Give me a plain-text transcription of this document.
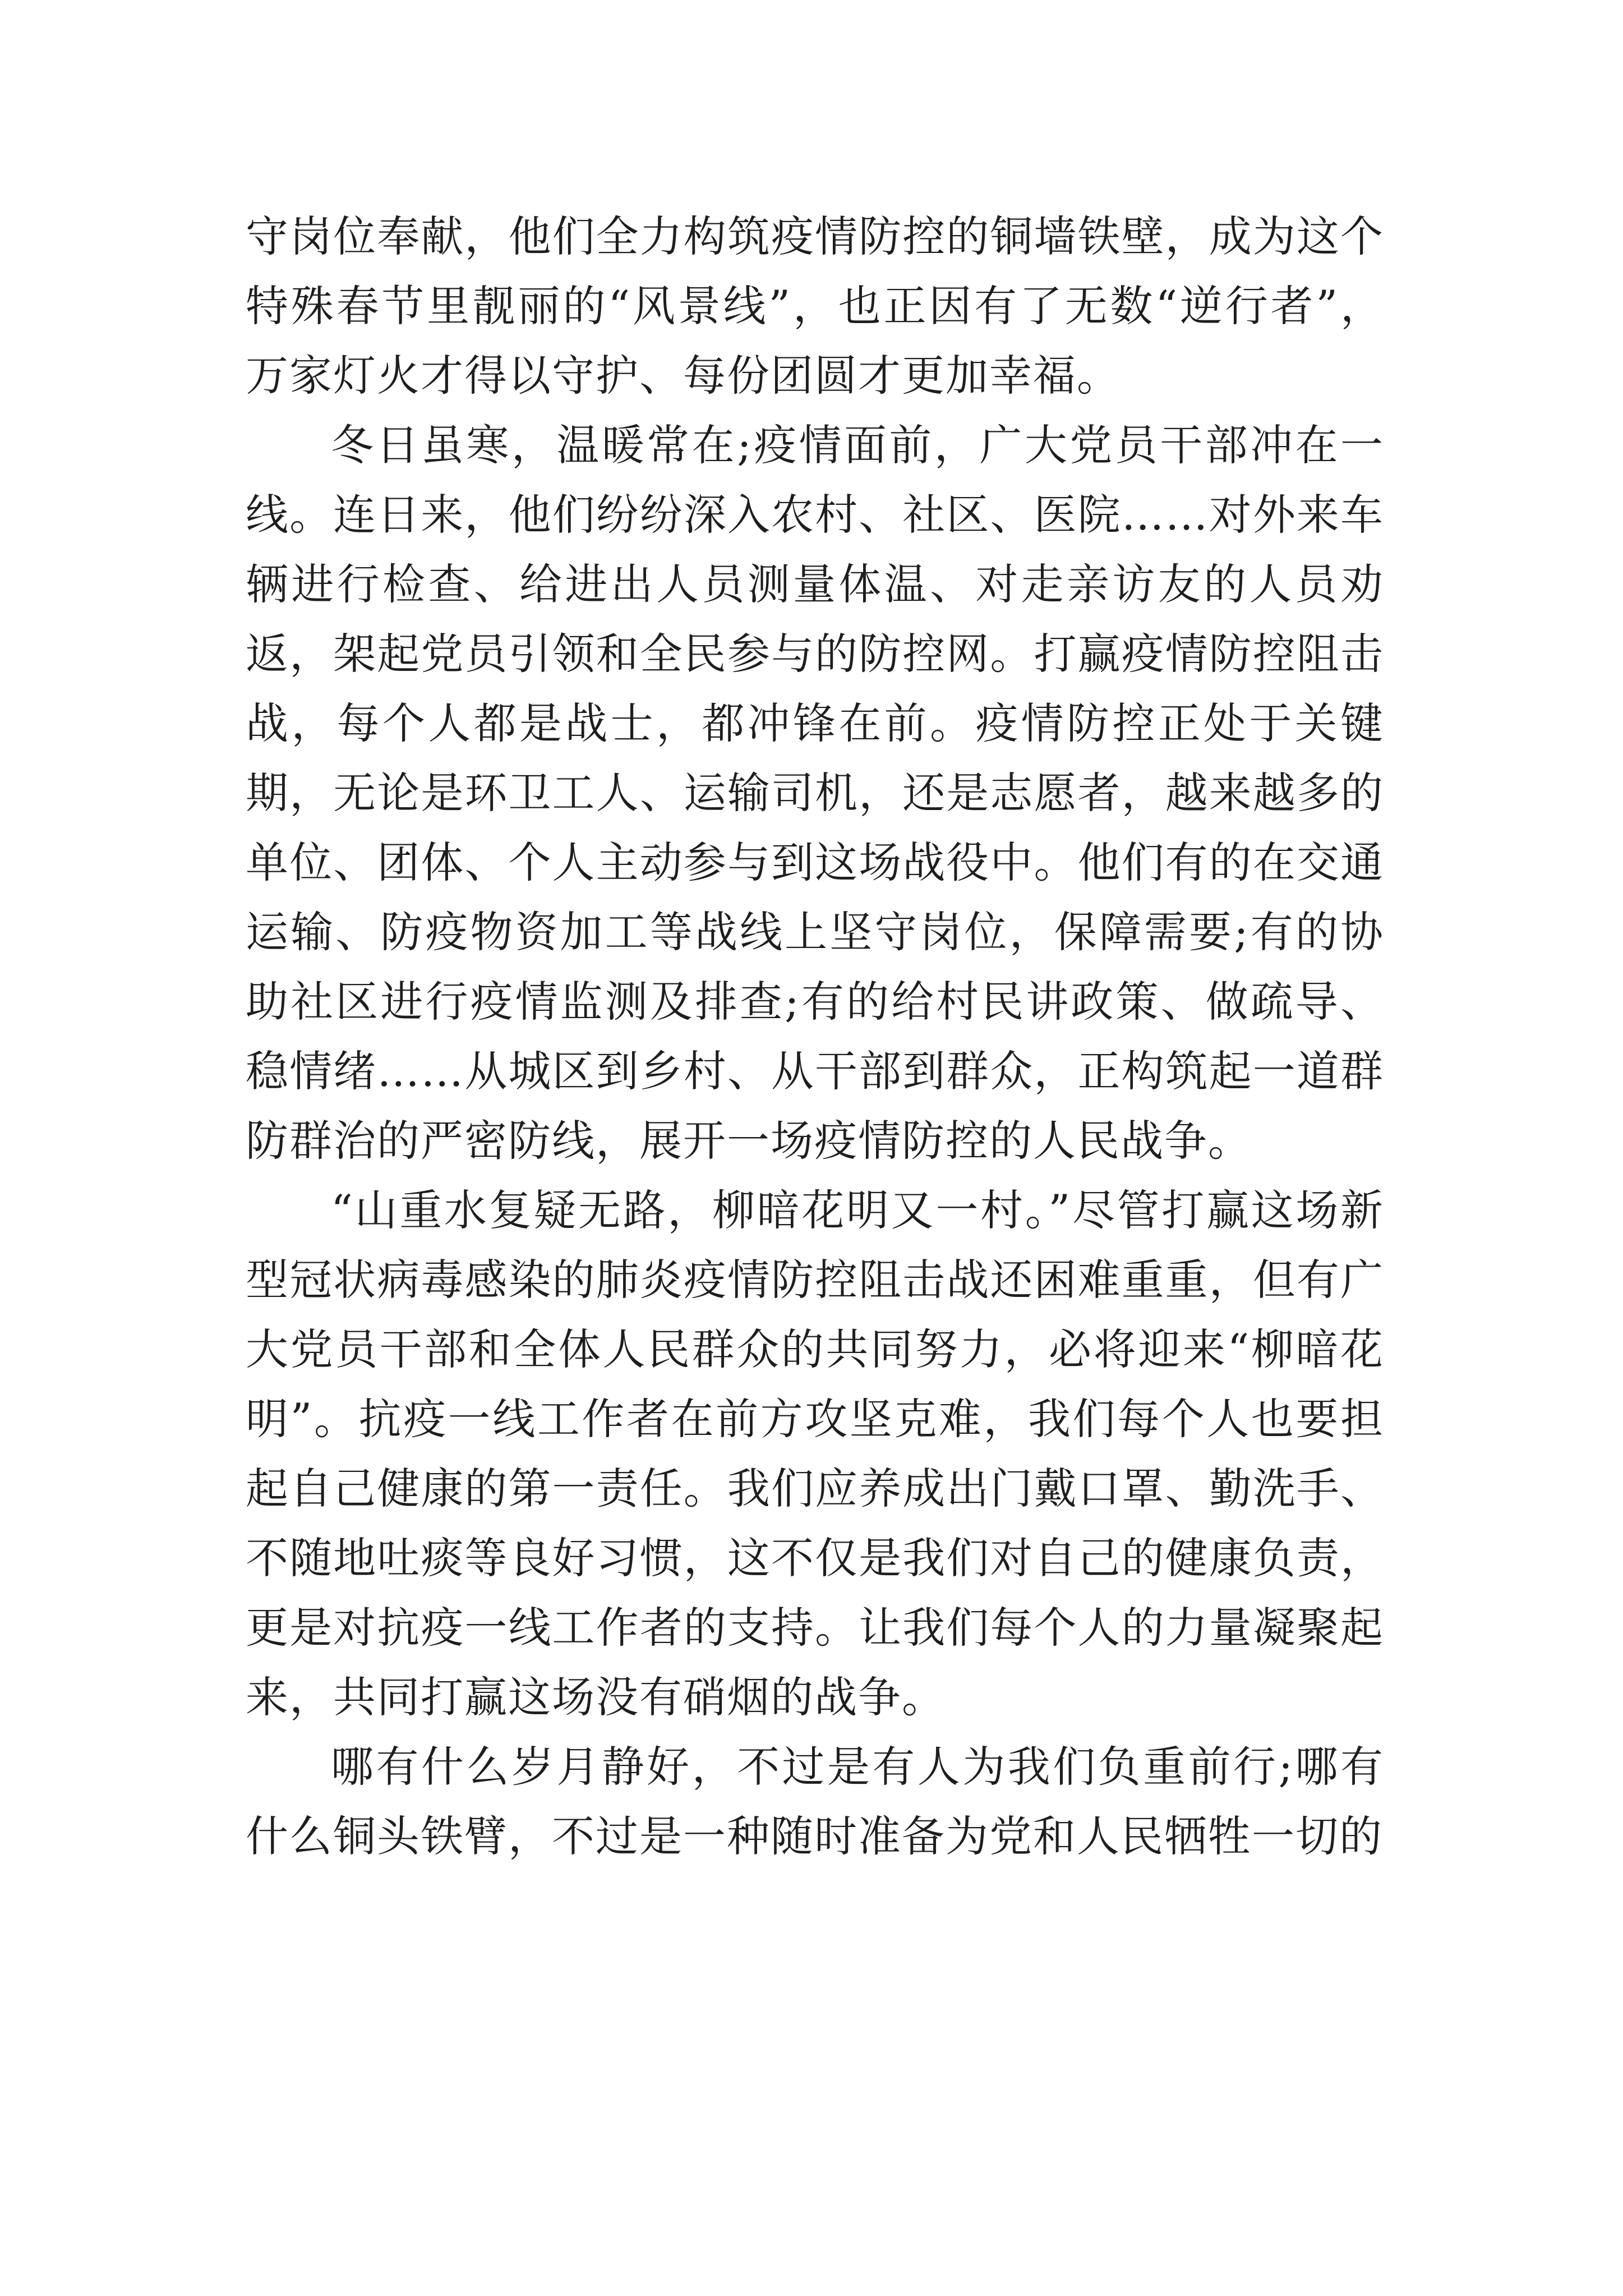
守岗位奉献，他们全力构筑疫情防控的铜墙铁壁，成为这个特殊春节里靓丽的“风景线”，也正因有了无数“逆行者”，万家灯火才得以守护、每份团圆才更加幸福。

冬日虽寒，温暖常在;疫情面前，广大党员干部冲在一线。连日来，他们纷纷深入农村、社区、医院……对外来车辆进行检查、给进出人员测量体温、对走亲访友的人员劝返，架起党员引领和全民参与的防控网。打赢疫情防控阻击战，每个人都是战士，都冲锋在前。疫情防控正处于关键期，无论是环卫工人、运输司机，还是志愿者，越来越多的单位、团体、个人主动参与到这场战役中。他们有的在交通运输、防疫物资加工等战线上坚守岗位，保障需要;有的协助社区进行疫情监测及排查;有的给村民讲政策、做疏导、稳情绪……从城区到乡村、从干部到群众，正构筑起一道群防群治的严密防线，展开一场疫情防控的人民战争。

“山重水复疑无路，柳暗花明又一村。”尽管打赢这场新型冠状病毒感染的肺炎疫情防控阻击战还困难重重，但有广大党员干部和全体人民群众的共同努力，必将迎来“柳暗花明”。抗疫一线工作者在前方攻坚克难，我们每个人也要担起自己健康的第一责任。我们应养成出门戴口罩、勤洗手、不随地吐痰等良好习惯，这不仅是我们对自己的健康负责，更是对抗疫一线工作者的支持。让我们每个人的力量凝聚起来，共同打赢这场没有硝烟的战争。

哪有什么岁月静好，不过是有人为我们负重前行;哪有什么铜头铁臂，不过是一种随时准备为党和人民牺牲一切的
